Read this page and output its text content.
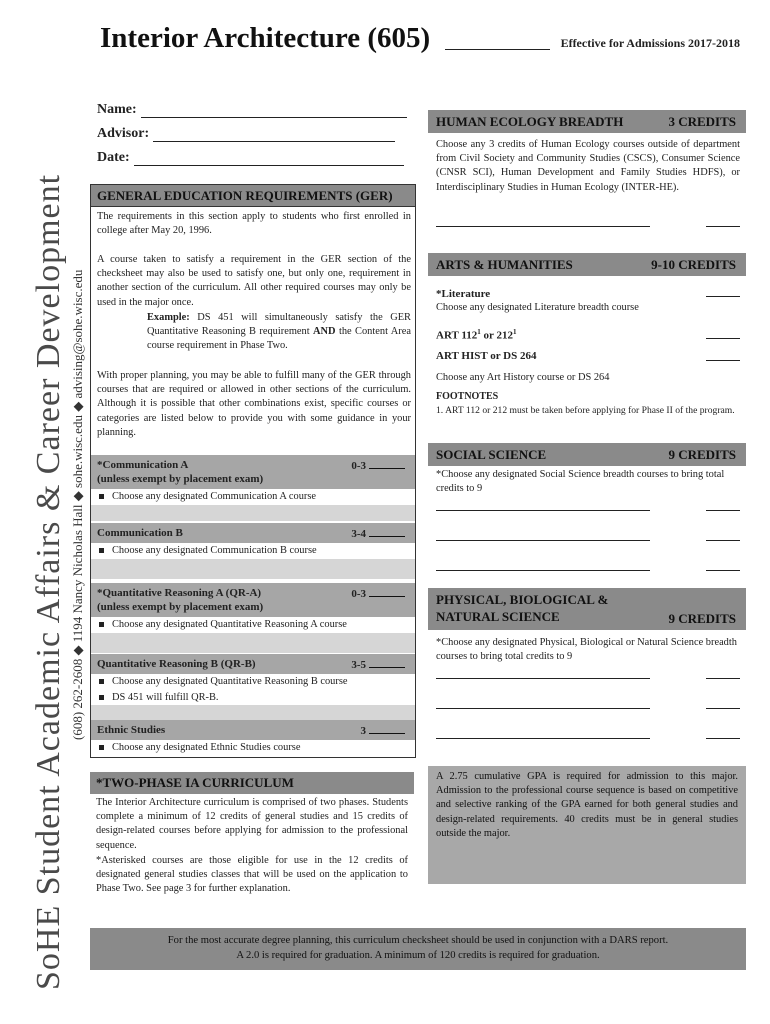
SoHE Student Academic Affairs & Career Development (608) 262-2608 ◆ 1194 Nancy Nicholas Hall ◆ sohe.wisc.edu ◆ advising@sohe.wisc.edu
Interior Architecture (605)	Effective for Admissions 2017-2018
Name:
Advisor:
Date:
GENERAL EDUCATION REQUIREMENTS (GER)
The requirements in this section apply to students who first enrolled in college after May 20, 1996.
A course taken to satisfy a requirement in the GER section of the checksheet may also be used to satisfy one, but only one, requirement in another section of the curriculum. All other required courses may only be used in the major once.
Example: DS 451 will simultaneously satisfy the GER Quantitative Reasoning B requirement AND the Content Area course requirement in Phase Two.
With proper planning, you may be able to fulfill many of the GER through courses that are required or allowed in other sections of the curriculum. Although it is possible that other combinations exist, specific courses or categories are listed below to provide you with some guidance in your planning.
*Communication A
(unless exempt by placement exam)
0-3
Choose any designated Communication A course
Communication B	3-4
Choose any designated Communication B course
*Quantitative Reasoning A (QR-A)
(unless exempt by placement exam)
0-3
Choose any designated Quantitative Reasoning A course
Quantitative Reasoning B (QR-B)	3-5
Choose any designated Quantitative Reasoning B course
DS 451 will fulfill QR-B.
Ethnic Studies	3
Choose any designated Ethnic Studies course
*TWO-PHASE IA CURRICULUM
The Interior Architecture curriculum is comprised of two phases. Students complete a minimum of 12 credits of general studies and 15 credits of design-related courses before applying for admission to the professional sequence.
*Asterisked courses are those eligible for use in the 12 credits of designated general studies classes that will be used on the application to Phase Two. See page 3 for further explanation.
HUMAN ECOLOGY BREADTH	3 CREDITS
Choose any 3 credits of Human Ecology courses outside of department from Civil Society and Community Studies (CSCS), Consumer Science (CNSR SCI), Human Development and Family Studies HDFS), or Interdisciplinary Studies in Human Ecology (INTER-HE).
ARTS & HUMANITIES	9-10 CREDITS
*Literature
Choose any designated Literature breadth course
ART $112^1$ or $212^1$
ART HIST or DS 264
Choose any Art History course or DS 264
FOOTNOTES
1. ART 112 or 212 must be taken before applying for Phase II of the program.
SOCIAL SCIENCE	9 CREDITS
*Choose any designated Social Science breadth courses to bring total credits to 9
PHYSICAL, BIOLOGICAL &
NATURAL SCIENCE	9 CREDITS
*Choose any designated Physical, Biological or Natural Science breadth courses to bring total credits to 9
A 2.75 cumulative GPA is required for admission to this major. Admission to the professional course sequence is based on competitive and selective ranking of the GPA earned for both general studies and design-related requirements. 40 credits must be in general studies outside the major.
For the most accurate degree planning, this curriculum checksheet should be used in conjunction with a DARS report.
A 2.0 is required for graduation. A minimum of 120 credits is required for graduation.
